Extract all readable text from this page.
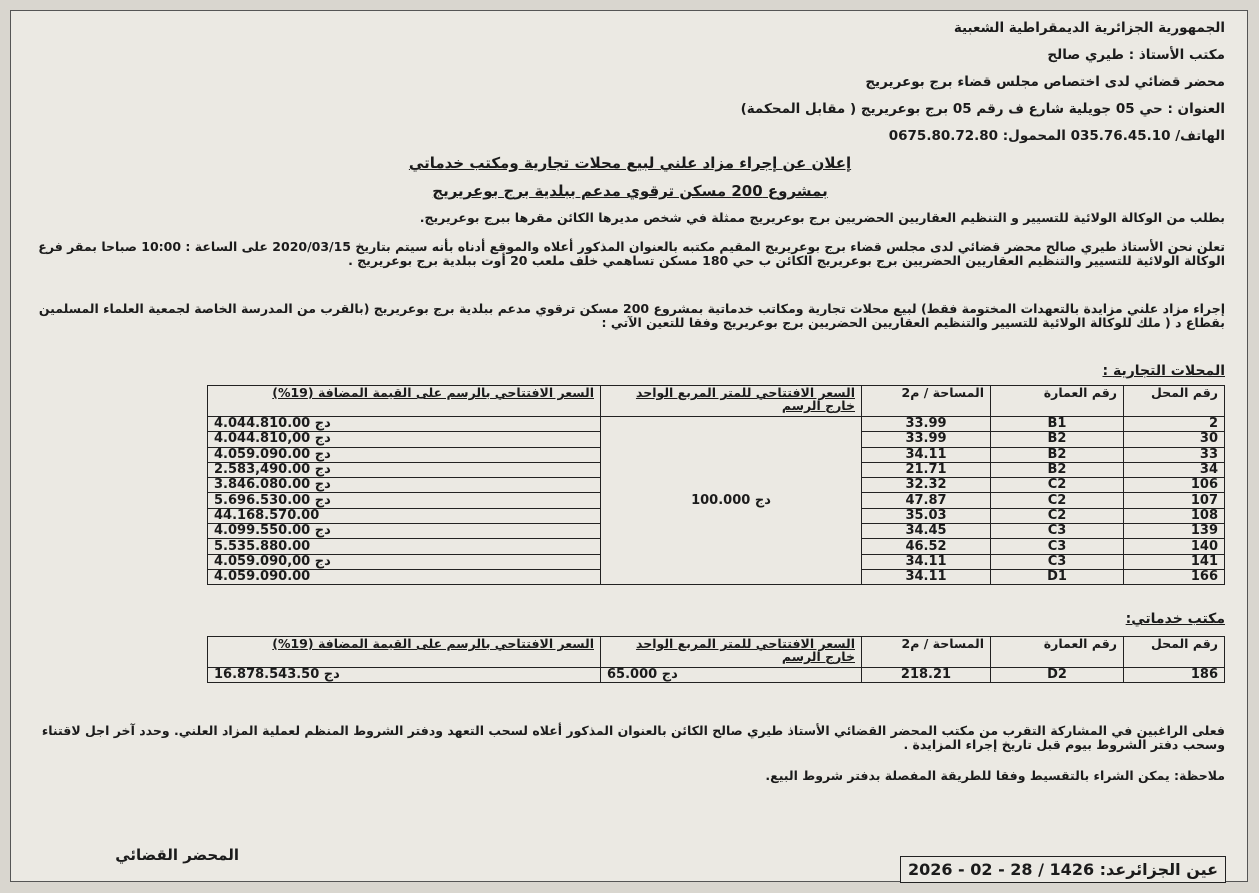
الجمهورية الجزائرية الديمقراطية الشعبية
مكتب الأستاذ : طيري صالح
محضر قضائي لدى اختصاص مجلس قضاء برج بوعريريج
العنوان : حي 05 جويلية شارع ف رقم 05 برج بوعريريج ( مقابل المحكمة)
الهاتف/ 035.76.45.10 المحمول: 0675.80.72.80
إعلان عن إجراء مزاد علني لبيع محلات تجارية ومكتب خدماتي
بمشروع 200 مسكن ترقوي مدعم ببلدية برج بوعريريج
بطلب من الوكالة الولائية للتسيير و التنظيم العقاريين الحضريين برج بوعريريج ممثلة في شخص مديرها الكائن مقرها ببرج بوعريريج.
تعلن نحن الأستاذ طيري صالح محضر قضائي لدى مجلس قضاء برج بوعريريج المقيم مكتبه بالعنوان المذكور أعلاه والموقع أدناه بأنه سيتم بتاريخ 2020/03/15 على الساعة : 10:00 صباحا بمقر فرع الوكالة الولائية للتسيير والتنظيم العقاريين الحضريين برج بوعريريج الكائن ب حي 180 مسكن تساهمي خلف ملعب 20 أوت ببلدية برج بوعريريج .
إجراء مزاد علني مزايدة بالتعهدات المختومة فقط) لبيع محلات تجارية ومكاتب خدماتية بمشروع 200 مسكن ترقوي مدعم ببلدية برج بوعريريج (بالقرب من المدرسة الخاصة لجمعية العلماء المسلمين بقطاع د ( ملك للوكالة الولائية للتسيير والتنظيم العقاريين الحضريين برج بوعريريج وفقا للتعين الآتي :
المحلات التجارية :
رقم المحل	رقم العمارة	المساحة / م2	السعر الافتتاحي للمتر المربع الواحد خارج الرسم	السعر الافتتاحي بالرسم على القيمة المضافة (19%)
2	B1	33.99	100.000 دج	4.044.810.00 دج
30	B2	33.99		4.044.810,00 دج
33	B2	34.11		4.059.090.00 دج
34	B2	21.71		2.583,490.00 دج
106	C2	32.32		3.846.080.00 دج
107	C2	47.87		5.696.530.00 دج
108	C2	35.03		44.168.570.00
139	C3	34.45		4.099.550.00 دج
140	C3	46.52		5.535.880.00
141	C3	34.11		4.059.090,00 دج
166	D1	34.11		4.059.090.00
مكتب خدماتي:
رقم المحل	رقم العمارة	المساحة / م2	السعر الافتتاحي للمتر المربع الواحد خارج الرسم	السعر الافتتاحي بالرسم على القيمة المضافة (19%)
186	D2	218.21	65.000 دج	16.878.543.50 دج
فعلى الراغبين في المشاركة التقرب من مكتب المحضر القضائي الأستاذ طيري صالح الكائن بالعنوان المذكور أعلاه لسحب التعهد ودفتر الشروط المنظم لعملية المزاد العلني. وحدد آخر اجل لاقتناء وسحب دفتر الشروط بيوم قبل تاريخ إجراء المزايدة .
ملاحظة: يمكن الشراء بالتقسيط وفقا للطريقة المفصلة بدفتر شروط البيع.
المحضر القضائي
عين الجزائرعد: 1426 / 28 - 02 - 2026
